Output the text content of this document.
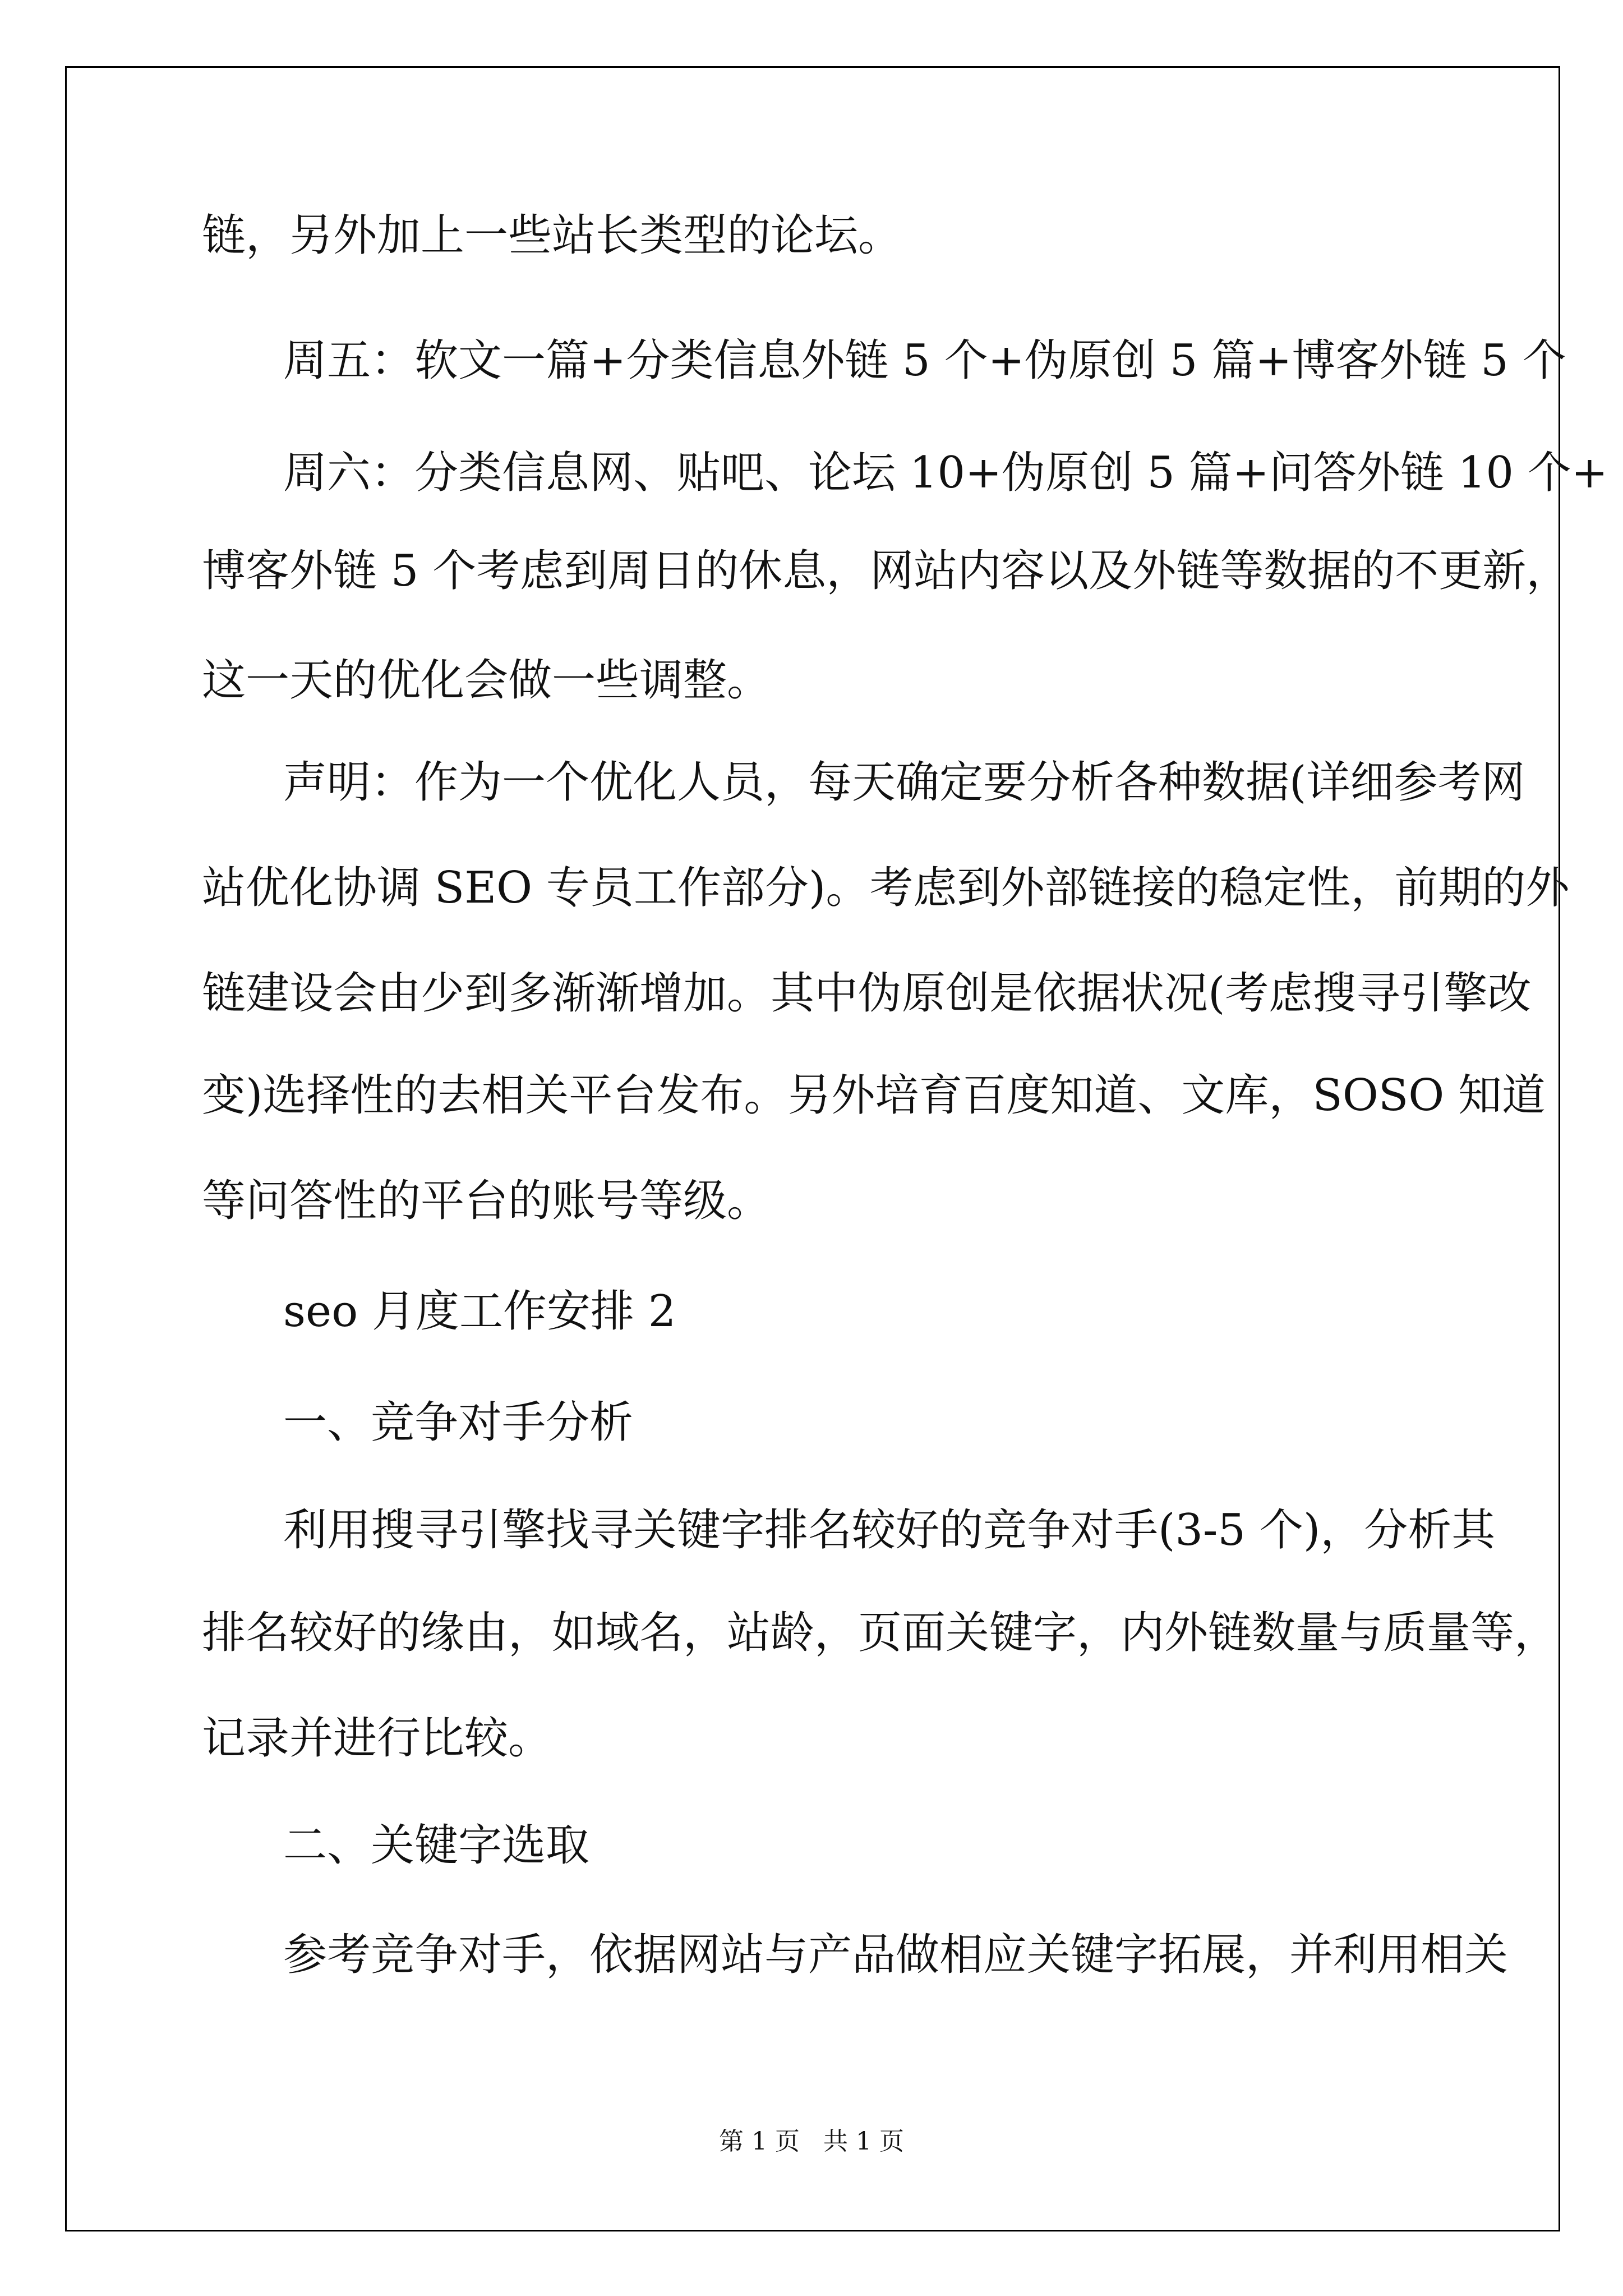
链，另外加上一些站长类型的论坛。
周五：软文一篇+分类信息外链 5 个+伪原创 5 篇+博客外链 5 个
周六：分类信息网、贴吧、论坛 10+伪原创 5 篇+问答外链 10 个+
博客外链 5 个考虑到周日的休息，网站内容以及外链等数据的不更新，
这一天的优化会做一些调整。
声明：作为一个优化人员，每天确定要分析各种数据(详细参考网
站优化协调 SEO 专员工作部分)。考虑到外部链接的稳定性，前期的外
链建设会由少到多渐渐增加。其中伪原创是依据状况(考虑搜寻引擎改
变)选择性的去相关平台发布。另外培育百度知道、文库，SOSO 知道
等问答性的平台的账号等级。
seo 月度工作安排 2
一、竞争对手分析
利用搜寻引擎找寻关键字排名较好的竞争对手(3-5 个)，分析其
排名较好的缘由，如域名，站龄，页面关键字，内外链数量与质量等，
记录并进行比较。
二、关键字选取
参考竞争对手，依据网站与产品做相应关键字拓展，并利用相关
第 1 页   共 1 页
